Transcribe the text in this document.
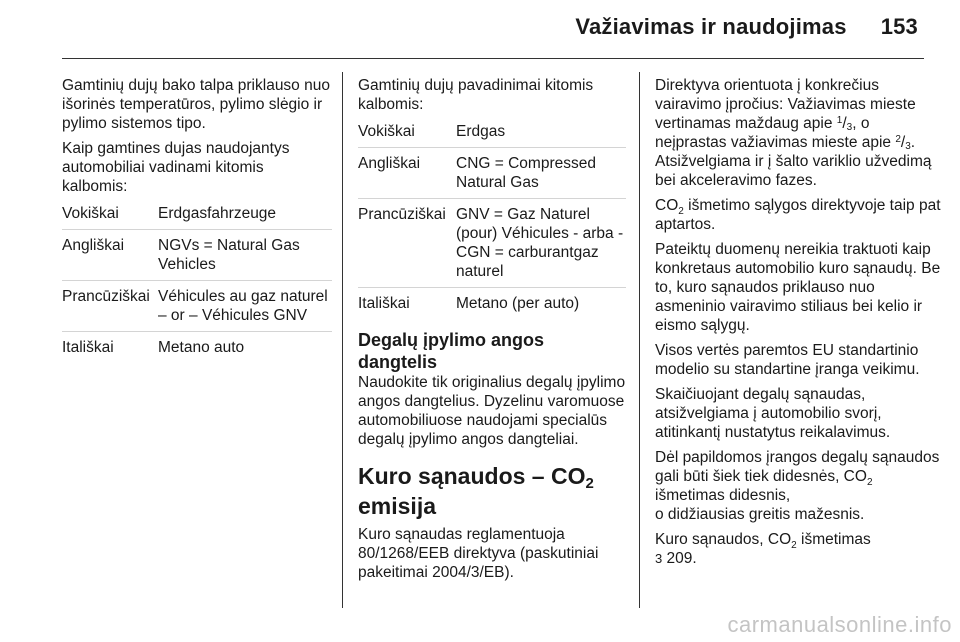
Važiavimas ir naudojimas 153

Gamtinių dujų bako talpa priklauso nuo išorinės temperatūros, pylimo slėgio ir pylimo sistemos tipo.

Kaip gamtines dujas naudojantys automobiliai vadinami kitomis kalbomis:

Vokiškai	Erdgasfahrzeuge
Angliškai	NGVs = Natural Gas Vehicles
Prancūziškai	Véhicules au gaz naturel – or – Véhicules GNV
Itališkai	Metano auto

Gamtinių dujų pavadinimai kitomis kalbomis:

Vokiškai	Erdgas
Angliškai	CNG = Compressed Natural Gas
Prancūziškai	GNV = Gaz Naturel (pour) Véhicules - arba -
CGN = carburantgaz naturel

Itališkai	Metano (per auto)
Degalų įpylimo angos dangtelis

Naudokite tik originalius degalų įpylimo angos dangtelius. Dyzelinu varomuose automobiliuose naudojami specialūs degalų įpylimo angos dangteliai.

Kuro sąnaudos – $CO_2$
emisija

Kuro sąnaudas reglamentuoja 80/1268/EEB direktyva (paskutiniai pakeitimai 2004/3/EB).

Direktyva orientuota į konkrečius vairavimo įpročius: Važiavimas mieste vertinamas maždaug apie $^1/_3$, o neįprastas važiavimas mieste apie $^2/_3$. Atsižvelgiama ir į šalto variklio užvedimą bei akceleravimo fazes.

$CO_2$ išmetimo sąlygos direktyvoje taip pat aptartos.

Pateiktų duomenų nereikia traktuoti kaip konkretaus automobilio kuro sąnaudų. Be to, kuro sąnaudos priklauso nuo asmeninio vairavimo stiliaus bei kelio ir eismo sąlygų.

Visos vertės paremtos EU standartinio modelio su standartine įranga veikimu.

Skaičiuojant degalų sąnaudas, atsižvelgiama į automobilio svorį, atitinkantį nustatytus reikalavimus.

Dėl papildomos įrangos degalų sąnaudos gali būti šiek tiek didesnės, $CO_2$ išmetimas didesnis,

o didžiausias greitis mažesnis.

Kuro sąnaudos, $CO_2$ išmetimas
3 209.

carmanualsonline.info
